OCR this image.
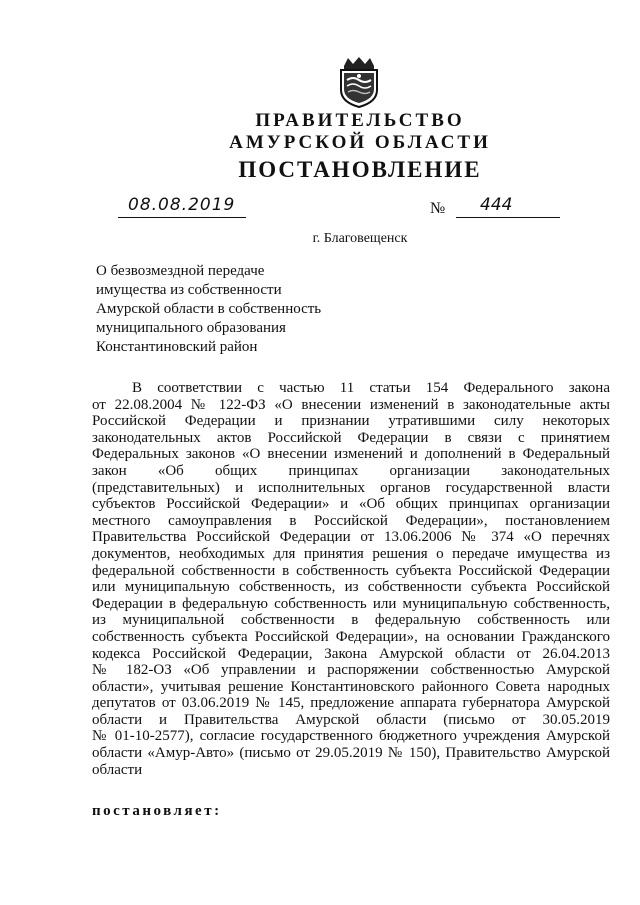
ПРАВИТЕЛЬСТВО
АМУРСКОЙ ОБЛАСТИ
ПОСТАНОВЛЕНИЕ
08.08.2019	№ 444
г. Благовещенск
О безвозмездной передаче
имущества из собственности
Амурской области в собственность
муниципального образования
Константиновский район
В соответствии с частью 11 статьи 154 Федерального закона
от 22.08.2004 № 122-ФЗ «О внесении изменений в законодательные акты
Российской Федерации и признании утратившими силу некоторых
законодательных актов Российской Федерации в связи с принятием
Федеральных законов «О внесении изменений и дополнений в Федеральный
закон «Об общих принципах организации законодательных
(представительных) и исполнительных органов государственной власти
субъектов Российской Федерации» и «Об общих принципах организации
местного самоуправления в Российской Федерации», постановлением
Правительства Российской Федерации от 13.06.2006 № 374 «О перечнях
документов, необходимых для принятия решения о передаче имущества из
федеральной собственности в собственность субъекта Российской Федерации
или муниципальную собственность, из собственности субъекта Российской
Федерации в федеральную собственность или муниципальную собственность,
из муниципальной собственности в федеральную собственность или
собственность субъекта Российской Федерации», на основании Гражданского
кодекса Российской Федерации, Закона Амурской области от 26.04.2013
№ 182-ОЗ «Об управлении и распоряжении собственностью Амурской
области», учитывая решение Константиновского районного Совета народных
депутатов от 03.06.2019 № 145, предложение аппарата губернатора Амурской
области и Правительства Амурской области (письмо от 30.05.2019
№ 01-10-2577), согласие государственного бюджетного учреждения Амурской
области «Амур-Авто» (письмо от 29.05.2019 № 150), Правительство Амурской
области
постановляет:
